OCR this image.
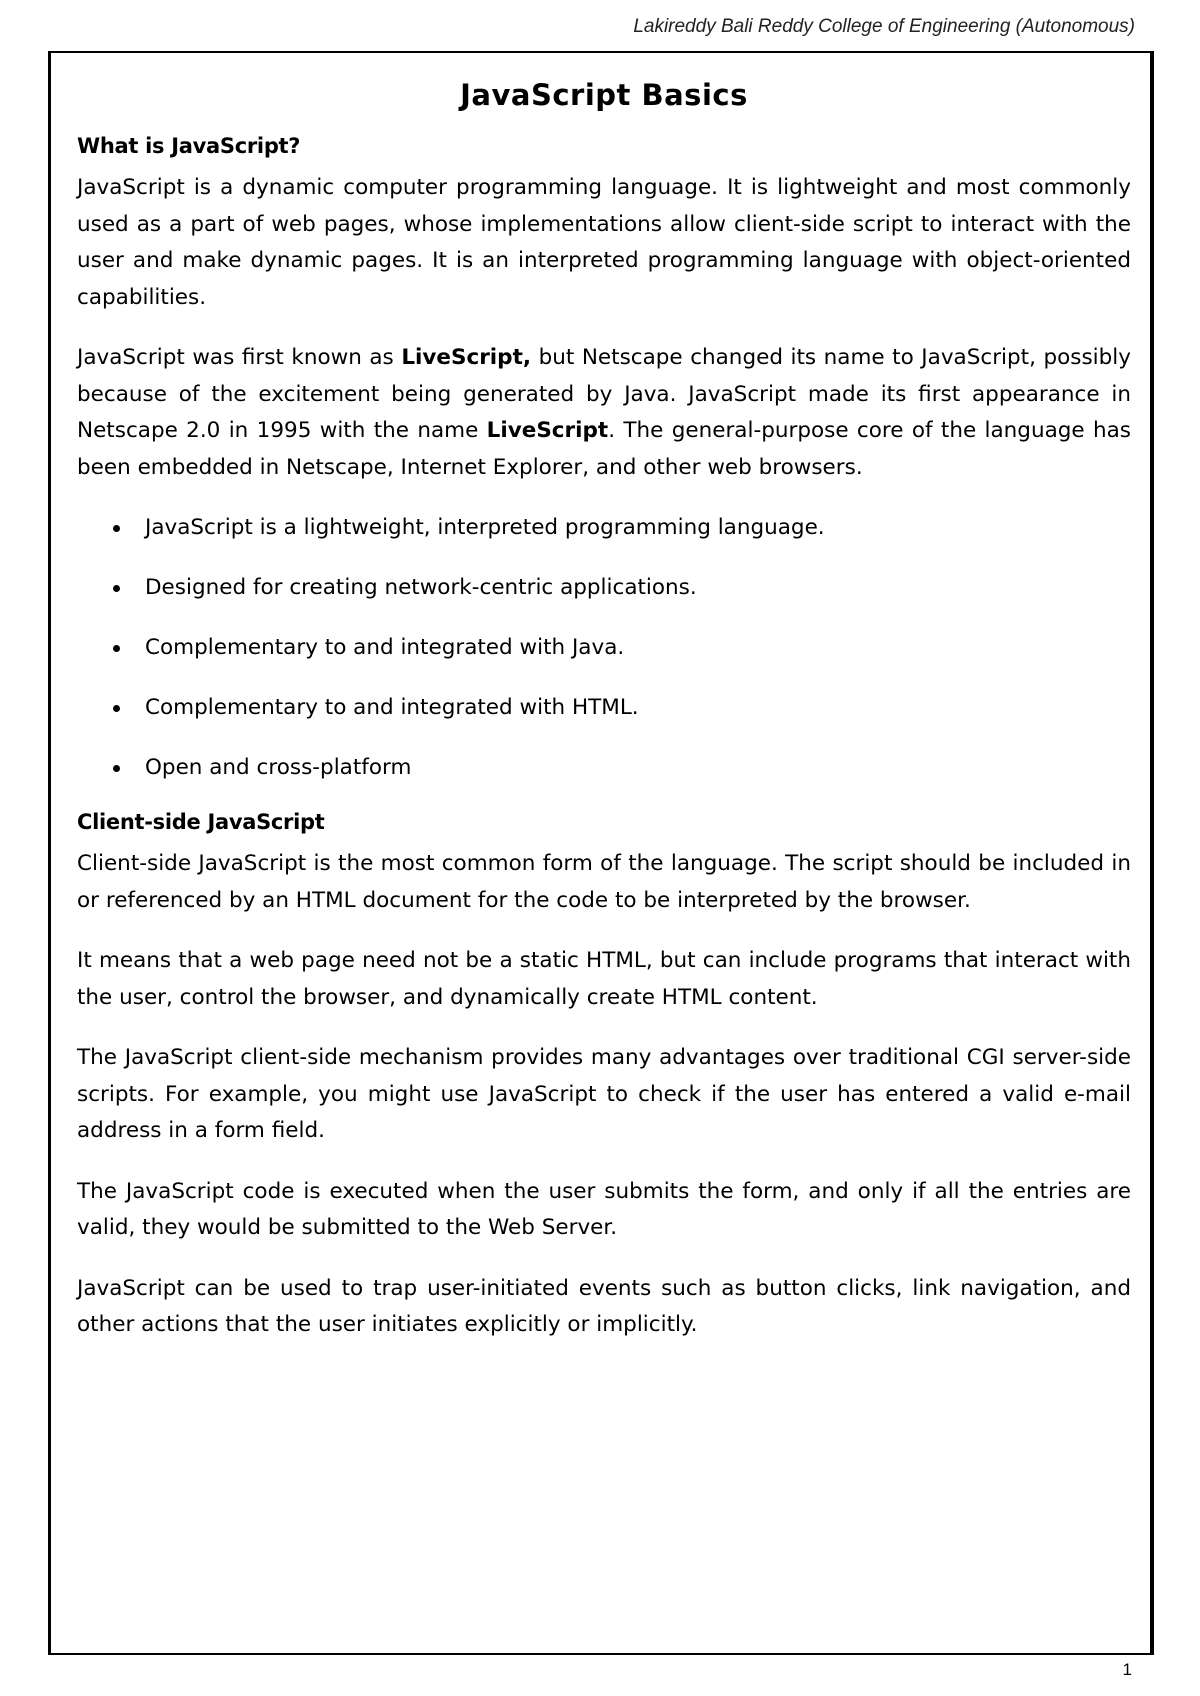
Lakireddy Bali Reddy College of Engineering (Autonomous)
JavaScript Basics
What is JavaScript?

JavaScript is a dynamic computer programming language. It is lightweight and most commonly used as a part of web pages, whose implementations allow client-side script to interact with the user and make dynamic pages. It is an interpreted programming language with object-oriented capabilities.

JavaScript was first known as LiveScript, but Netscape changed its name to JavaScript, possibly because of the excitement being generated by Java. JavaScript made its first appearance in Netscape 2.0 in 1995 with the name LiveScript. The general-purpose core of the language has been embedded in Netscape, Internet Explorer, and other web browsers.

JavaScript is a lightweight, interpreted programming language.
Designed for creating network-centric applications.
Complementary to and integrated with Java.
Complementary to and integrated with HTML.
Open and cross-platform
Client-side JavaScript

Client-side JavaScript is the most common form of the language. The script should be included in or referenced by an HTML document for the code to be interpreted by the browser.

It means that a web page need not be a static HTML, but can include programs that interact with the user, control the browser, and dynamically create HTML content.

The JavaScript client-side mechanism provides many advantages over traditional CGI server-side scripts. For example, you might use JavaScript to check if the user has entered a valid e-mail address in a form field.

The JavaScript code is executed when the user submits the form, and only if all the entries are valid, they would be submitted to the Web Server.

JavaScript can be used to trap user-initiated events such as button clicks, link navigation, and other actions that the user initiates explicitly or implicitly.

1
